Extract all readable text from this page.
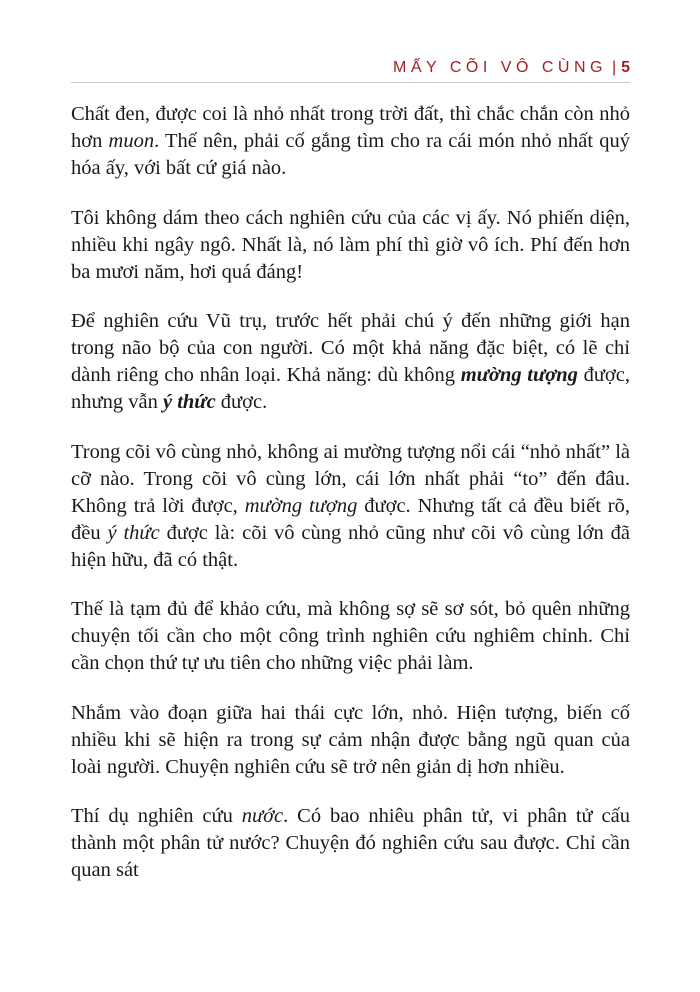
MẤY CÕI VÔ CÙNG | 5

Chất đen, được coi là nhỏ nhất trong trời đất, thì chắc chắn còn nhỏ hơn muon. Thế nên, phải cố gắng tìm cho ra cái món nhỏ nhất quý hóa ấy, với bất cứ giá nào.

Tôi không dám theo cách nghiên cứu của các vị ấy. Nó phiến diện, nhiều khi ngây ngô. Nhất là, nó làm phí thì giờ vô ích. Phí đến hơn ba mươi năm, hơi quá đáng!

Để nghiên cứu Vũ trụ, trước hết phải chú ý đến những giới hạn trong não bộ của con người. Có một khả năng đặc biệt, có lẽ chỉ dành riêng cho nhân loại. Khả năng: dù không mường tượng được, nhưng vẫn ý thức được.

Trong cõi vô cùng nhỏ, không ai mường tượng nổi cái “nhỏ nhất” là cỡ nào. Trong cõi vô cùng lớn, cái lớn nhất phải “to” đến đâu. Không trả lời được, mường tượng được. Nhưng tất cả đều biết rõ, đều ý thức được là: cõi vô cùng nhỏ cũng như cõi vô cùng lớn đã hiện hữu, đã có thật.

Thế là tạm đủ để khảo cứu, mà không sợ sẽ sơ sót, bỏ quên những chuyện tối cần cho một công trình nghiên cứu nghiêm chỉnh. Chỉ cần chọn thứ tự ưu tiên cho những việc phải làm.

Nhắm vào đoạn giữa hai thái cực lớn, nhỏ. Hiện tượng, biến cố nhiều khi sẽ hiện ra trong sự cảm nhận được bằng ngũ quan của loài người. Chuyện nghiên cứu sẽ trở nên giản dị hơn nhiều.

Thí dụ nghiên cứu nước. Có bao nhiêu phân tử, vi phân tử cấu thành một phân tử nước? Chuyện đó nghiên cứu sau được. Chỉ cần quan sát
